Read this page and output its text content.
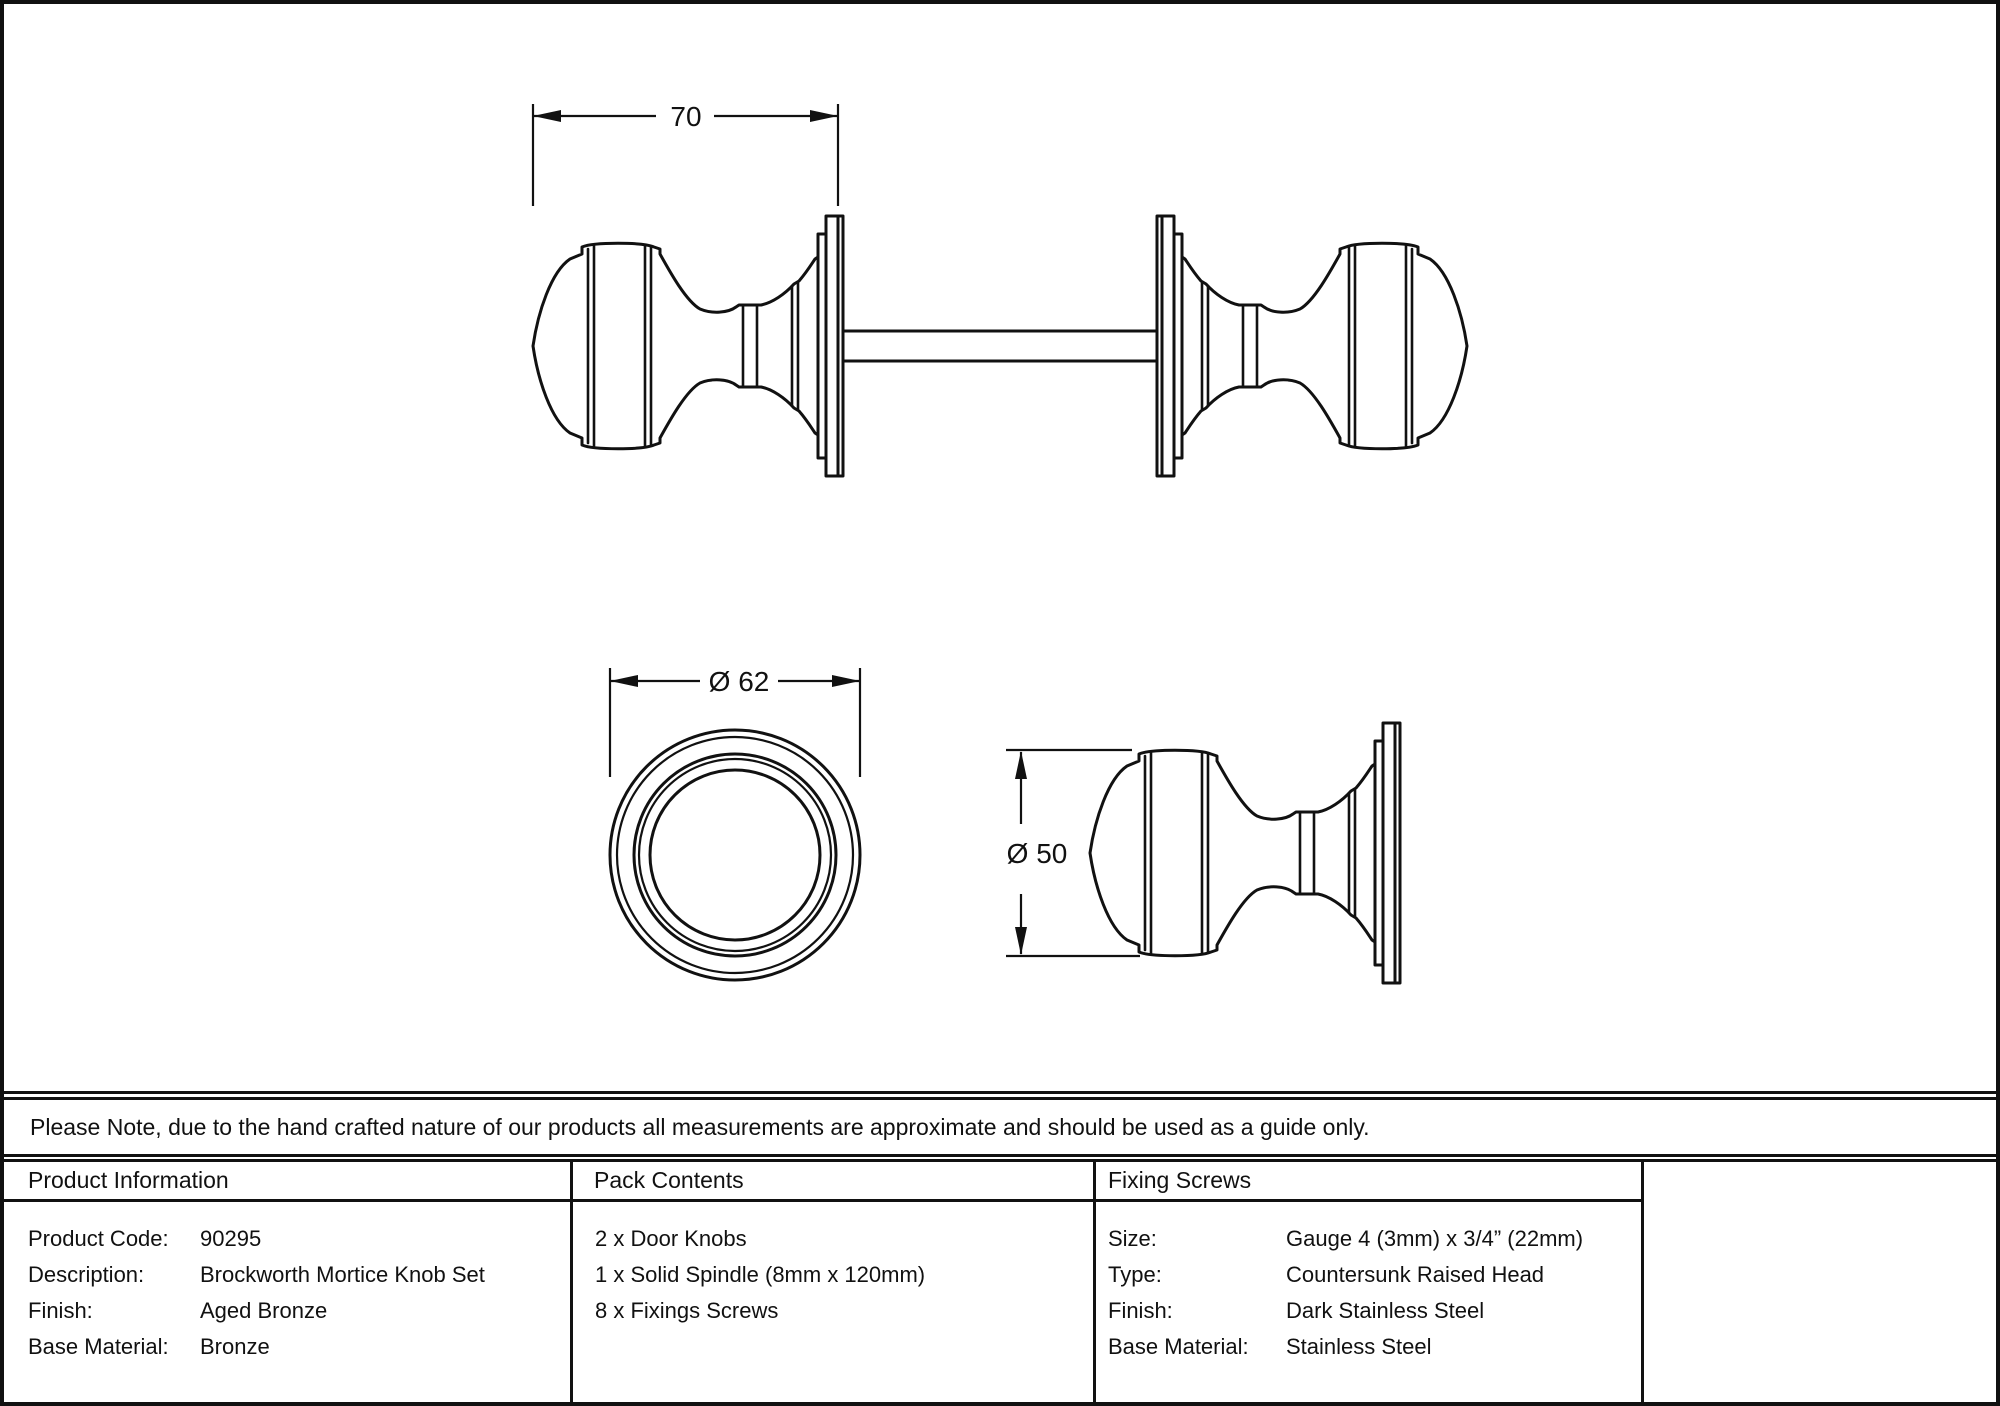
70
Ø 62
Ø 50
Please Note, due to the hand crafted nature of our products all measurements are approximate and should be used as a guide only.
Product Information
Product Code:	90295
Description:	Brockworth Mortice Knob Set
Finish:	Aged Bronze
Base Material:	Bronze
Pack Contents
2 x Door Knobs
1 x Solid Spindle (8mm x 120mm)
8 x Fixings Screws
Fixing Screws
Size:	Gauge 4 (3mm) x 3/4” (22mm)
Type:	Countersunk Raised Head
Finish:	Dark Stainless Steel
Base Material:	Stainless Steel
